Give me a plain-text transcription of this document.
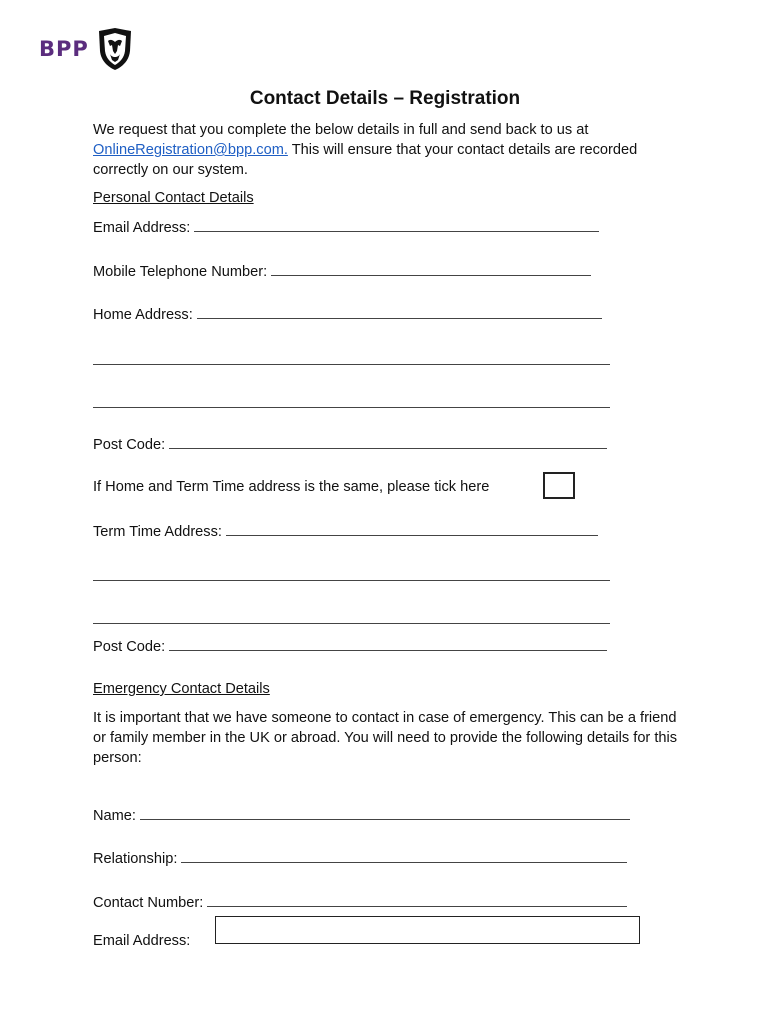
BPP
Contact Details – Registration
We request that you complete the below details in full and send back to us at
OnlineRegistration@bpp.com. This will ensure that your contact details are recorded correctly on our system.
Personal Contact Details
Email Address:
Mobile Telephone Number:
Home Address:
Post Code:
If Home and Term Time address is the same, please tick here
Term Time Address:
Post Code:
Emergency Contact Details
It is important that we have someone to contact in case of emergency. This can be a friend or family member in the UK or abroad. You will need to provide the following details for this person:
Name:
Relationship:
Contact Number:
Email Address:
